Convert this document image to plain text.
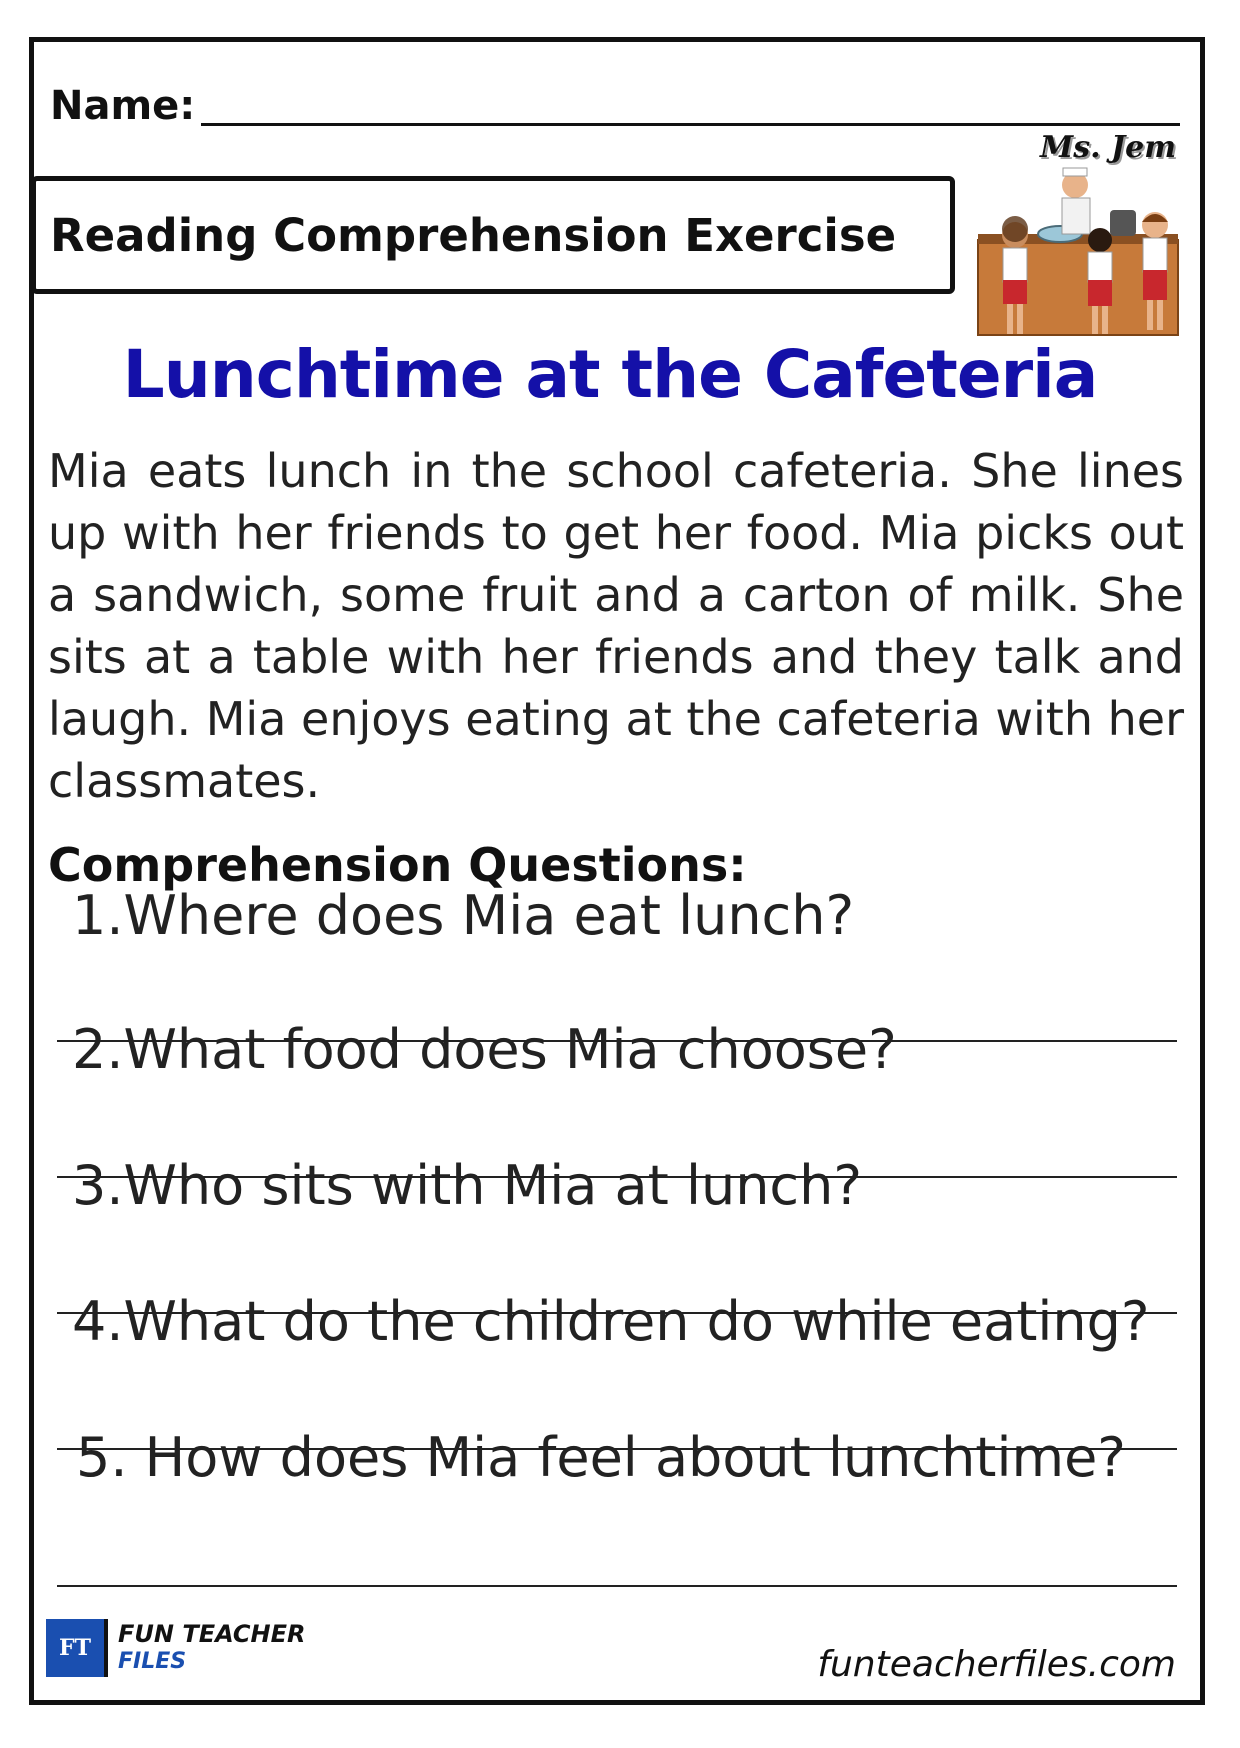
Name:
Reading Comprehension Exercise
Ms. Jem
Lunchtime at the Cafeteria
Mia eats lunch in the school cafeteria. She lines up with her friends to get her food. Mia picks out a sandwich, some fruit and a carton of milk. She sits at a table with her friends and they talk and laugh. Mia enjoys eating at the cafeteria with her classmates.
Comprehension Questions:
1.Where does Mia eat lunch?
2.What food does Mia choose?
3.Who sits with Mia at lunch?
4.What do the children do while eating?
5. How does Mia feel about lunchtime?
FT	FUN TEACHER
FILES	funteacherfiles.com
